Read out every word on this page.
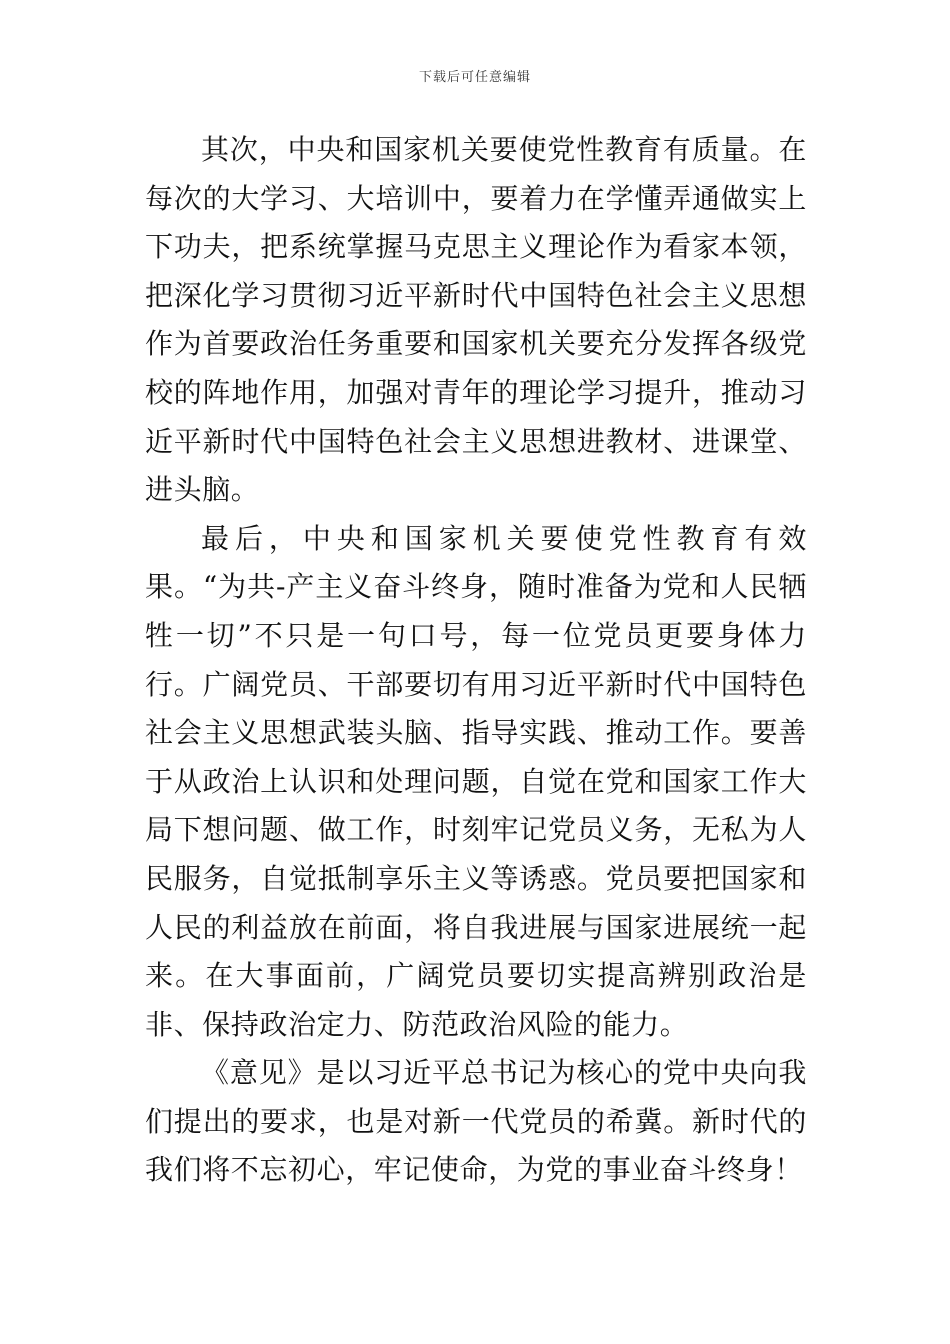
下载后可任意编辑

其次，中央和国家机关要使党性教育有质量。在每次的大学习、大培训中，要着力在学懂弄通做实上下功夫，把系统掌握马克思主义理论作为看家本领，把深化学习贯彻习近平新时代中国特色社会主义思想作为首要政治任务重要和国家机关要充分发挥各级党校的阵地作用，加强对青年的理论学习提升，推动习近平新时代中国特色社会主义思想进教材、进课堂、进头脑。

最后，中央和国家机关要使党性教育有效果。“为共-产主义奋斗终身，随时准备为党和人民牺牲一切”不只是一句口号，每一位党员更要身体力行。广阔党员、干部要切有用习近平新时代中国特色社会主义思想武装头脑、指导实践、推动工作。要善于从政治上认识和处理问题，自觉在党和国家工作大局下想问题、做工作，时刻牢记党员义务，无私为人民服务，自觉抵制享乐主义等诱惑。党员要把国家和人民的利益放在前面，将自我进展与国家进展统一起来。在大事面前，广阔党员要切实提高辨别政治是非、保持政治定力、防范政治风险的能力。

《意见》是以习近平总书记为核心的党中央向我们提出的要求，也是对新一代党员的希冀。新时代的我们将不忘初心，牢记使命，为党的事业奋斗终身！
